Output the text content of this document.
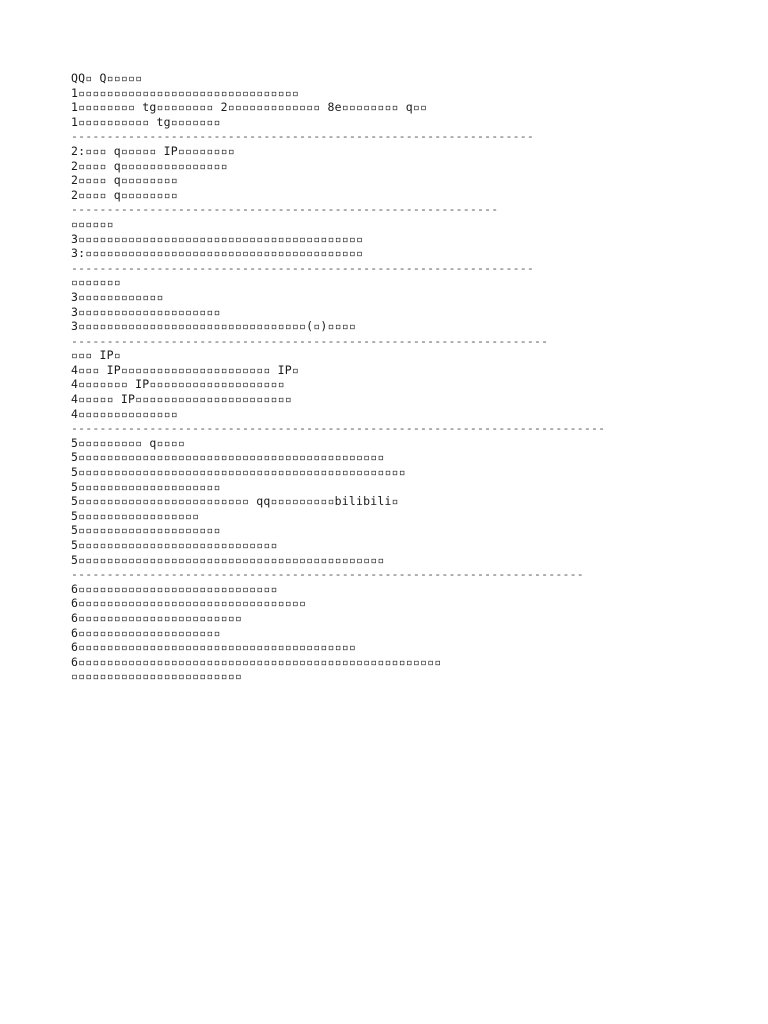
QQ▫ Q▫▫▫▫▫
1▫▫▫▫▫▫▫▫▫▫▫▫▫▫▫▫▫▫▫▫▫▫▫▫▫▫▫▫▫▫▫
1▫▫▫▫▫▫▫▫ tg▫▫▫▫▫▫▫▫ 2▫▫▫▫▫▫▫▫▫▫▫▫▫ 8e▫▫▫▫▫▫▫▫ q▫▫
1▫▫▫▫▫▫▫▫▫▫ tg▫▫▫▫▫▫▫
-----------------------------------------------------------------
2:▫▫▫ q▫▫▫▫▫ IP▫▫▫▫▫▫▫▫
2▫▫▫▫ q▫▫▫▫▫▫▫▫▫▫▫▫▫▫▫
2▫▫▫▫ q▫▫▫▫▫▫▫▫
2▫▫▫▫ q▫▫▫▫▫▫▫▫
------------------------------------------------------------
▫▫▫▫▫▫
3▫▫▫▫▫▫▫▫▫▫▫▫▫▫▫▫▫▫▫▫▫▫▫▫▫▫▫▫▫▫▫▫▫▫▫▫▫▫▫▫
3:▫▫▫▫▫▫▫▫▫▫▫▫▫▫▫▫▫▫▫▫▫▫▫▫▫▫▫▫▫▫▫▫▫▫▫▫▫▫▫
-----------------------------------------------------------------
▫▫▫▫▫▫▫
3▫▫▫▫▫▫▫▫▫▫▫▫
3▫▫▫▫▫▫▫▫▫▫▫▫▫▫▫▫▫▫▫▫
3▫▫▫▫▫▫▫▫▫▫▫▫▫▫▫▫▫▫▫▫▫▫▫▫▫▫▫▫▫▫▫▫(▫)▫▫▫▫
-------------------------------------------------------------------
▫▫▫ IP▫
4▫▫▫ IP▫▫▫▫▫▫▫▫▫▫▫▫▫▫▫▫▫▫▫▫▫ IP▫
4▫▫▫▫▫▫▫ IP▫▫▫▫▫▫▫▫▫▫▫▫▫▫▫▫▫▫▫
4▫▫▫▫▫ IP▫▫▫▫▫▫▫▫▫▫▫▫▫▫▫▫▫▫▫▫▫▫
4▫▫▫▫▫▫▫▫▫▫▫▫▫▫
---------------------------------------------------------------------------
5▫▫▫▫▫▫▫▫▫ q▫▫▫▫
5▫▫▫▫▫▫▫▫▫▫▫▫▫▫▫▫▫▫▫▫▫▫▫▫▫▫▫▫▫▫▫▫▫▫▫▫▫▫▫▫▫▫▫
5▫▫▫▫▫▫▫▫▫▫▫▫▫▫▫▫▫▫▫▫▫▫▫▫▫▫▫▫▫▫▫▫▫▫▫▫▫▫▫▫▫▫▫▫▫▫
5▫▫▫▫▫▫▫▫▫▫▫▫▫▫▫▫▫▫▫▫
5▫▫▫▫▫▫▫▫▫▫▫▫▫▫▫▫▫▫▫▫▫▫▫▫ qq▫▫▫▫▫▫▫▫▫bilibili▫
5▫▫▫▫▫▫▫▫▫▫▫▫▫▫▫▫▫
5▫▫▫▫▫▫▫▫▫▫▫▫▫▫▫▫▫▫▫▫
5▫▫▫▫▫▫▫▫▫▫▫▫▫▫▫▫▫▫▫▫▫▫▫▫▫▫▫▫
5▫▫▫▫▫▫▫▫▫▫▫▫▫▫▫▫▫▫▫▫▫▫▫▫▫▫▫▫▫▫▫▫▫▫▫▫▫▫▫▫▫▫▫
------------------------------------------------------------------------
6▫▫▫▫▫▫▫▫▫▫▫▫▫▫▫▫▫▫▫▫▫▫▫▫▫▫▫▫
6▫▫▫▫▫▫▫▫▫▫▫▫▫▫▫▫▫▫▫▫▫▫▫▫▫▫▫▫▫▫▫▫
6▫▫▫▫▫▫▫▫▫▫▫▫▫▫▫▫▫▫▫▫▫▫▫
6▫▫▫▫▫▫▫▫▫▫▫▫▫▫▫▫▫▫▫▫
6▫▫▫▫▫▫▫▫▫▫▫▫▫▫▫▫▫▫▫▫▫▫▫▫▫▫▫▫▫▫▫▫▫▫▫▫▫▫▫
6▫▫▫▫▫▫▫▫▫▫▫▫▫▫▫▫▫▫▫▫▫▫▫▫▫▫▫▫▫▫▫▫▫▫▫▫▫▫▫▫▫▫▫▫▫▫▫▫▫▫▫
▫▫▫▫▫▫▫▫▫▫▫▫▫▫▫▫▫▫▫▫▫▫▫▫
